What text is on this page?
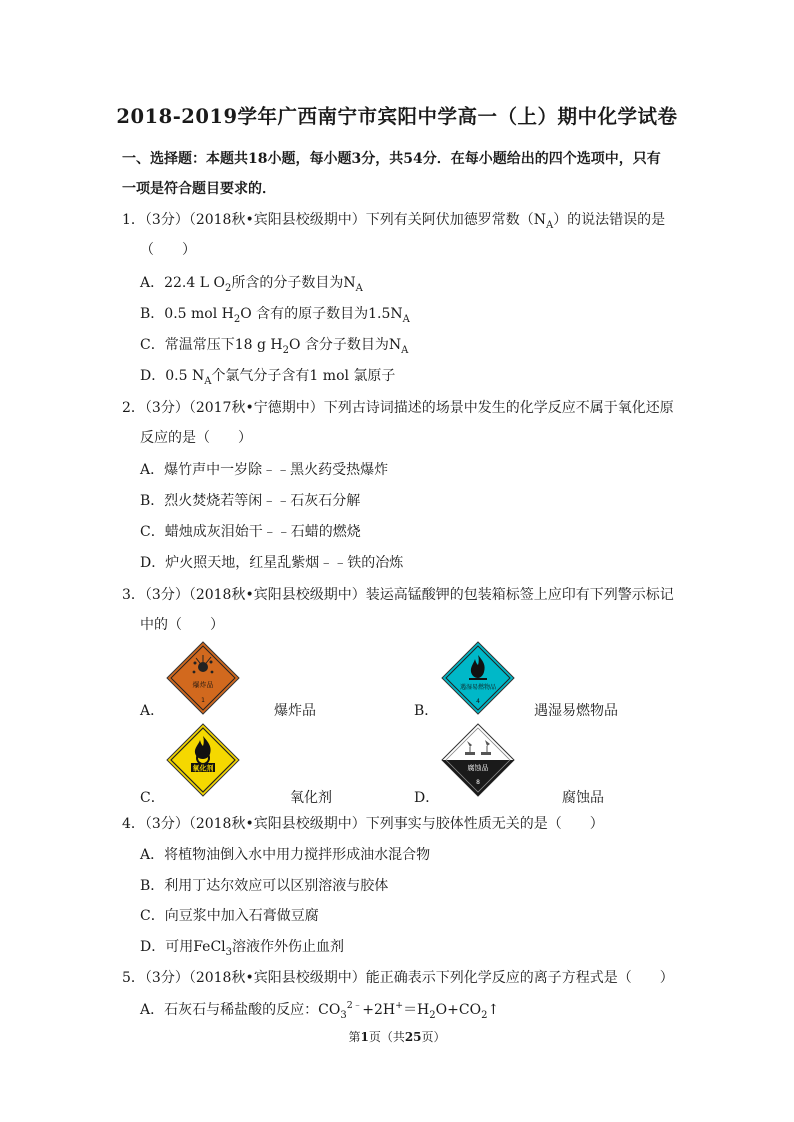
2018-2019学年广西南宁市宾阳中学高一（上）期中化学试卷
一、选择题：本题共18小题，每小题3分，共54分．在每小题给出的四个选项中，只有
一项是符合题目要求的．
1．（3分）（2018秋•宾阳县校级期中）下列有关阿伏加德罗常数$(N_A)$的说法错误的是
（　　）
A．22.4 L $O_2$所含的分子数目为$N_A$
B．0.5 mol $H_2O$ 含有的原子数目为$1.5N_A$
C．常温常压下18 g $H_2O$ 含分子数目为$N_A$
D．0.5 $N_A$个氯气分子含有1 mol 氯原子
2．（3分）（2017秋•宁德期中）下列古诗词描述的场景中发生的化学反应不属于氧化还原
反应的是（　　）
A．爆竹声中一岁除﹣﹣黑火药受热爆炸
B．烈火焚烧若等闲﹣﹣石灰石分解
C．蜡烛成灰泪始干﹣﹣石蜡的燃烧
D．炉火照天地，红星乱紫烟﹣﹣铁的冶炼
3．（3分）（2018秋•宾阳县校级期中）装运高锰酸钾的包装箱标签上应印有下列警示标记
中的（　　）
爆炸品
1
A．	爆炸品
遇湿易燃物品
4
B．	遇湿易燃物品
氧化剂
C．	氧化剂
腐蚀品
8
D．	腐蚀品
4．（3分）（2018秋•宾阳县校级期中）下列事实与胶体性质无关的是（　　）
A．将植物油倒入水中用力搅拌形成油水混合物
B．利用丁达尔效应可以区别溶液与胶体
C．向豆浆中加入石膏做豆腐
D．可用FeCl$_3$溶液作外伤止血剂
5．（3分）（2018秋•宾阳县校级期中）能正确表示下列化学反应的离子方程式是（　　）
A．石灰石与稀盐酸的反应：$CO_3^{2﹣}+2H^+=H_2O+CO_2↑$
第1页（共25页）
